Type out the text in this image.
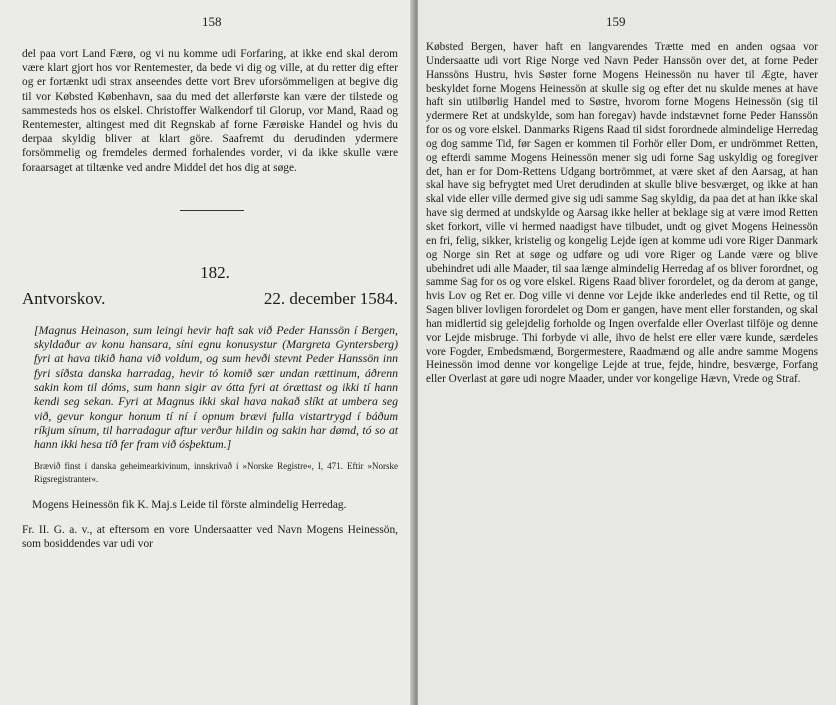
158

del paa vort Land Færø, og vi nu komme udi Forfaring, at ikke end skal derom være klart gjort hos vor Rentemester, da bede vi dig og ville, at du retter dig efter og er fortænkt udi strax anseendes dette vort Brev uforsömmeligen at begive dig til vor Købsted København, saa du med det allerførste kan være der tilstede og sammesteds hos os elskel. Christoffer Walkendorf til Glorup, vor Mand, Raad og Rentemester, altingest med dit Regnskab af forne Færøiske Handel og hvis du derpaa skyldig bliver at klart göre. Saafremt du derudinden ydermere forsömmelig og fremdeles dermed forhalendes vorder, vi da ikke skulle være foraarsaget at tiltænke ved andre Middel det hos dig at søge.

182.
Antvorskov.	22. december 1584.

[Magnus Heinason, sum leingi hevir haft sak við Peder Hanssön í Bergen, skyldaður av konu hansara, síni egnu konusystur (Margreta Gyntersberg) fyri at hava tikið hana við voldum, og sum hevði stevnt Peder Hanssön inn fyri síðsta danska harradag, hevir tó komið sær undan rættinum, áðrenn sakin kom til dóms, sum hann sigir av ótta fyri at órættast og ikki tí hann kendi seg sekan. Fyri at Magnus ikki skal hava nakað slíkt at umbera seg við, gevur kongur honum tí ní í opnum brævi fulla vistartrygd í báðum ríkjum sínum, til harradagur aftur verður hildin og sakin har dømd, tó so at hann ikki hesa tíð fer fram við ósþektum.]

Brævið finst í danska geheimearkivinum, innskrivað í »Norske Registre«, I, 471. Eftir »Norske Rigsregistranter«.

Mogens Heinessön fik K. Maj.s Leide til förste almindelig Herredag.

Fr. II. G. a. v., at eftersom en vore Undersaatter ved Navn Mogens Heinessön, som bosiddendes var udi vor

159

Købsted Bergen, haver haft en langvarendes Trætte med en anden ogsaa vor Undersaatte udi vort Rige Norge ved Navn Peder Hanssön over det, at forne Peder Hanssöns Hustru, hvis Søster forne Mogens Heinessön nu haver til Ægte, haver beskyldet forne Mogens Heinessön at skulle sig og efter det nu skulde menes at have haft sin utilbørlig Handel med to Søstre, hvorom forne Mogens Heinessön (sig til ydermere Ret at undskylde, som han foregav) havde indstævnet forne Peder Hanssön for os og vore elskel. Danmarks Rigens Raad til sidst forordnede almindelige Herredag og dog samme Tid, før Sagen er kommen til Forhör eller Dom, er undrömmet Retten, og efterdi samme Mogens Heinessön mener sig udi forne Sag uskyldig og foregiver det, han er for Dom-Rettens Udgang bortrömmet, at være sket af den Aarsag, at han skal have sig befrygtet med Uret derudinden at skulle blive besværget, og ikke at han skal vide eller ville dermed give sig udi samme Sag skyldig, da paa det at han ikke skal have sig dermed at undskylde og Aarsag ikke heller at beklage sig at være imod Retten sket forkort, ville vi hermed naadigst have tilbudet, undt og givet Mogens Heinessön en fri, felig, sikker, kristelig og kongelig Lejde igen at komme udi vore Riger Danmark og Norge sin Ret at søge og udføre og udi vore Riger og Lande være og blive ubehindret udi alle Maader, til saa længe almindelig Herredag af os bliver forordnet, og samme Sag for os og vore elskel. Rigens Raad bliver forordelet, og da derom at gange, hvis Lov og Ret er. Dog ville vi denne vor Lejde ikke anderledes end til Rette, og til Sagen bliver lovligen forordelet og Dom er gangen, have ment eller forstanden, og skal han midlertid sig gelejdelig forholde og Ingen overfalde eller Overlast tilföje og denne vor Lejde misbruge. Thi forbyde vi alle, ihvo de helst ere eller være kunde, særdeles vore Fogder, Embedsmænd, Borgermestere, Raadmænd og alle andre samme Mogens Heinessön imod denne vor kongelige Lejde at true, fejde, hindre, besværge, Forfang eller Overlast at gøre udi nogre Maader, under vor kongelige Hævn, Vrede og Straf.
